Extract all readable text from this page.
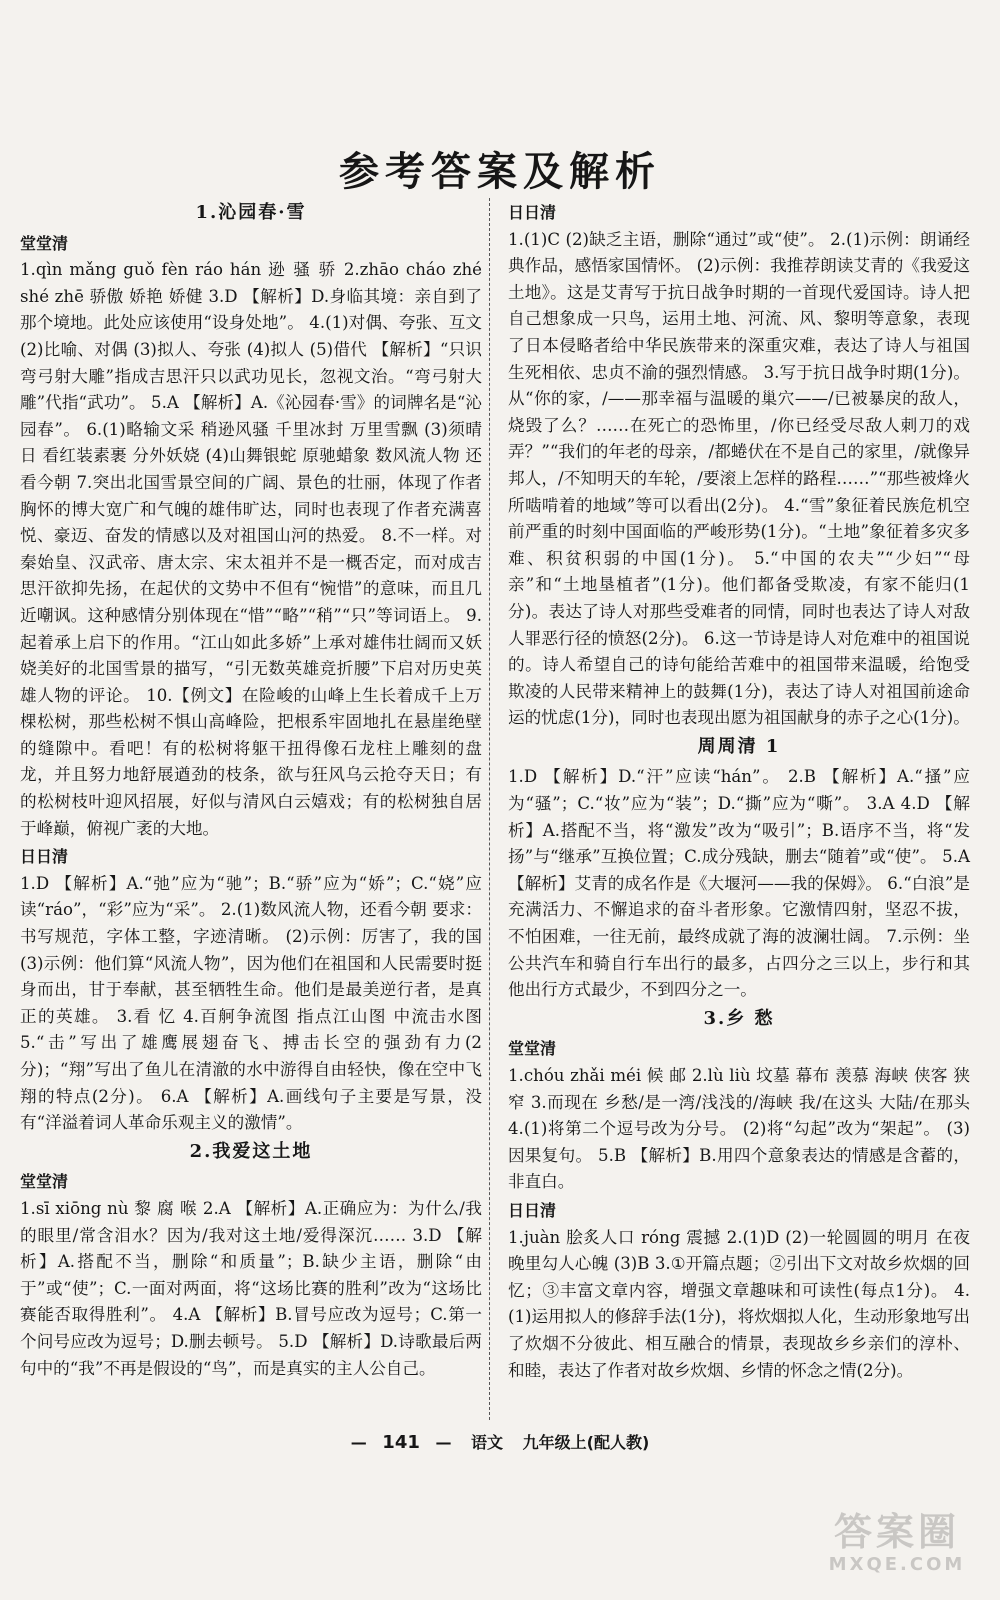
参考答案及解析
1.沁园春·雪
堂堂清

1.qìn mǎng guǒ fèn ráo hán 逊 骚 骄 2.zhāo cháo zhé shé zhē 骄傲 娇艳 娇健 3.D 【解析】D.身临其境：亲自到了那个境地。此处应该使用“设身处地”。 4.(1)对偶、夸张、互文 (2)比喻、对偶 (3)拟人、夸张 (4)拟人 (5)借代 【解析】“只识弯弓射大雕”指成吉思汗只以武功见长，忽视文治。“弯弓射大雕”代指“武功”。 5.A 【解析】A.《沁园春·雪》的词牌名是“沁园春”。 6.(1)略输文采 稍逊风骚 千里冰封 万里雪飘 (3)须晴日 看红装素裹 分外妖娆 (4)山舞银蛇 原驰蜡象 数风流人物 还看今朝 7.突出北国雪景空间的广阔、景色的壮丽，体现了作者胸怀的博大宽广和气魄的雄伟旷达，同时也表现了作者充满喜悦、豪迈、奋发的情感以及对祖国山河的热爱。 8.不一样。对秦始皇、汉武帝、唐太宗、宋太祖并不是一概否定，而对成吉思汗欲抑先扬，在起伏的文势中不但有“惋惜”的意味，而且几近嘲讽。这种感情分别体现在“惜”“略”“稍”“只”等词语上。 9.起着承上启下的作用。“江山如此多娇”上承对雄伟壮阔而又妖娆美好的北国雪景的描写，“引无数英雄竞折腰”下启对历史英雄人物的评论。 10.【例文】在险峻的山峰上生长着成千上万棵松树，那些松树不惧山高峰险，把根系牢固地扎在悬崖绝壁的缝隙中。看吧！有的松树将躯干扭得像石龙柱上雕刻的盘龙，并且努力地舒展遒劲的枝条，欲与狂风乌云抢夺天日；有的松树枝叶迎风招展，好似与清风白云嬉戏；有的松树独自居于峰巅，俯视广袤的大地。

日日清

1.D 【解析】A.“弛”应为“驰”；B.“骄”应为“娇”；C.“娆”应读“ráo”，“彩”应为“采”。 2.(1)数风流人物，还看今朝 要求：书写规范，字体工整，字迹清晰。 (2)示例：厉害了，我的国 (3)示例：他们算“风流人物”，因为他们在祖国和人民需要时挺身而出，甘于奉献，甚至牺牲生命。他们是最美逆行者，是真正的英雄。 3.看 忆 4.百舸争流图 指点江山图 中流击水图 5.“击”写出了雄鹰展翅奋飞、搏击长空的强劲有力(2分)；“翔”写出了鱼儿在清澈的水中游得自由轻快，像在空中飞翔的特点(2分)。 6.A 【解析】A.画线句子主要是写景，没有“洋溢着词人革命乐观主义的激情”。

2.我爱这土地
堂堂清

1.sī xiōng nù 黎 腐 喉 2.A 【解析】A.正确应为：为什么/我的眼里/常含泪水？因为/我对这土地/爱得深沉…… 3.D 【解析】A.搭配不当，删除“和质量”；B.缺少主语，删除“由于”或“使”；C.一面对两面，将“这场比赛的胜利”改为“这场比赛能否取得胜利”。 4.A 【解析】B.冒号应改为逗号；C.第一个问号应改为逗号；D.删去顿号。 5.D 【解析】D.诗歌最后两句中的“我”不再是假设的“鸟”，而是真实的主人公自己。

日日清

1.(1)C (2)缺乏主语，删除“通过”或“使”。 2.(1)示例：朗诵经典作品，感悟家国情怀。 (2)示例：我推荐朗读艾青的《我爱这土地》。这是艾青写于抗日战争时期的一首现代爱国诗。诗人把自己想象成一只鸟，运用土地、河流、风、黎明等意象，表现了日本侵略者给中华民族带来的深重灾难，表达了诗人与祖国生死相依、忠贞不渝的强烈情感。 3.写于抗日战争时期(1分)。从“你的家，/——那幸福与温暖的巢穴——/已被暴戾的敌人，烧毁了么？……在死亡的恐怖里，/你已经受尽敌人刺刀的戏弄？”“我们的年老的母亲，/都蜷伏在不是自己的家里，/就像异邦人，/不知明天的车轮，/要滚上怎样的路程……”“那些被烽火所啮啃着的地域”等可以看出(2分)。 4.“雪”象征着民族危机空前严重的时刻中国面临的严峻形势(1分)。“土地”象征着多灾多难、积贫积弱的中国(1分)。 5.“中国的农夫”“少妇”“母亲”和“土地垦植者”(1分)。他们都备受欺凌，有家不能归(1分)。表达了诗人对那些受难者的同情，同时也表达了诗人对敌人罪恶行径的愤怒(2分)。 6.这一节诗是诗人对危难中的祖国说的。诗人希望自己的诗句能给苦难中的祖国带来温暖，给饱受欺凌的人民带来精神上的鼓舞(1分)，表达了诗人对祖国前途命运的忧虑(1分)，同时也表现出愿为祖国献身的赤子之心(1分)。

周周清 1

1.D 【解析】D.“汗”应读“hán”。 2.B 【解析】A.“搔”应为“骚”；C.“妆”应为“装”；D.“撕”应为“嘶”。 3.A 4.D 【解析】A.搭配不当，将“激发”改为“吸引”；B.语序不当，将“发扬”与“继承”互换位置；C.成分残缺，删去“随着”或“使”。 5.A 【解析】艾青的成名作是《大堰河——我的保姆》。 6.“白浪”是充满活力、不懈追求的奋斗者形象。它激情四射，坚忍不拔，不怕困难，一往无前，最终成就了海的波澜壮阔。 7.示例：坐公共汽车和骑自行车出行的最多，占四分之三以上，步行和其他出行方式最少，不到四分之一。

3.乡 愁
堂堂清

1.chóu zhǎi méi 候 邮 2.lù liù 坟墓 幕布 羡慕 海峡 侠客 狭窄 3.而现在 乡愁/是一湾/浅浅的/海峡 我/在这头 大陆/在那头 4.(1)将第二个逗号改为分号。 (2)将“勾起”改为“架起”。 (3)因果复句。 5.B 【解析】B.用四个意象表达的情感是含蓄的，非直白。

日日清

1.juàn 脍炙人口 róng 震撼 2.(1)D (2)一轮圆圆的明月 在夜晚里勾人心魄 (3)B 3.①开篇点题；②引出下文对故乡炊烟的回忆；③丰富文章内容，增强文章趣味和可读性(每点1分)。 4.(1)运用拟人的修辞手法(1分)，将炊烟拟人化，生动形象地写出了炊烟不分彼此、相互融合的情景，表现故乡乡亲们的淳朴、和睦，表达了作者对故乡炊烟、乡情的怀念之情(2分)。

— 141 — 语文 九年级上(配人教)
答案圈
MXQE.COM
